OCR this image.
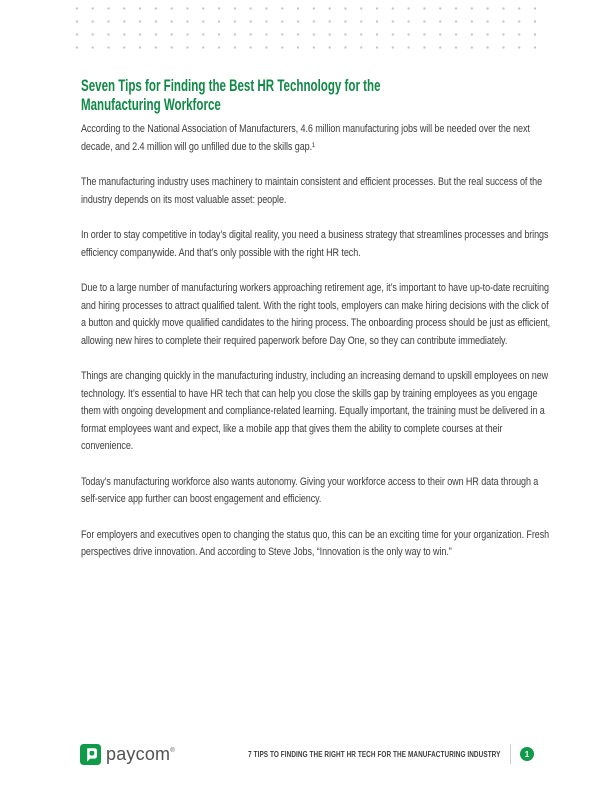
Seven Tips for Finding the Best HR Technology for the
Manufacturing Workforce

According to the National Association of Manufacturers, 4.6 million manufacturing jobs will be needed over the next decade, and 2.4 million will go unfilled due to the skills gap.¹

The manufacturing industry uses machinery to maintain consistent and efficient processes. But the real success of the industry depends on its most valuable asset: people.

In order to stay competitive in today’s digital reality, you need a business strategy that streamlines processes and brings efficiency companywide. And that’s only possible with the right HR tech.

Due to a large number of manufacturing workers approaching retirement age, it’s important to have up-to-date recruiting and hiring processes to attract qualified talent. With the right tools, employers can make hiring decisions with the click of a button and quickly move qualified candidates to the hiring process. The onboarding process should be just as efficient, allowing new hires to complete their required paperwork before Day One, so they can contribute immediately.

Things are changing quickly in the manufacturing industry, including an increasing demand to upskill employees on new technology. It’s essential to have HR tech that can help you close the skills gap by training employees as you engage them with ongoing development and compliance-related learning. Equally important, the training must be delivered in a format employees want and expect, like a mobile app that gives them the ability to complete courses at their convenience.

Today’s manufacturing workforce also wants autonomy. Giving your workforce access to their own HR data through a self-service app further can boost engagement and efficiency.

For employers and executives open to changing the status quo, this can be an exciting time for your organization. Fresh perspectives drive innovation. And according to Steve Jobs, “Innovation is the only way to win.”

paycom ®	7 TIPS TO FINDING THE RIGHT HR TECH FOR THE MANUFACTURING INDUSTRY	1
